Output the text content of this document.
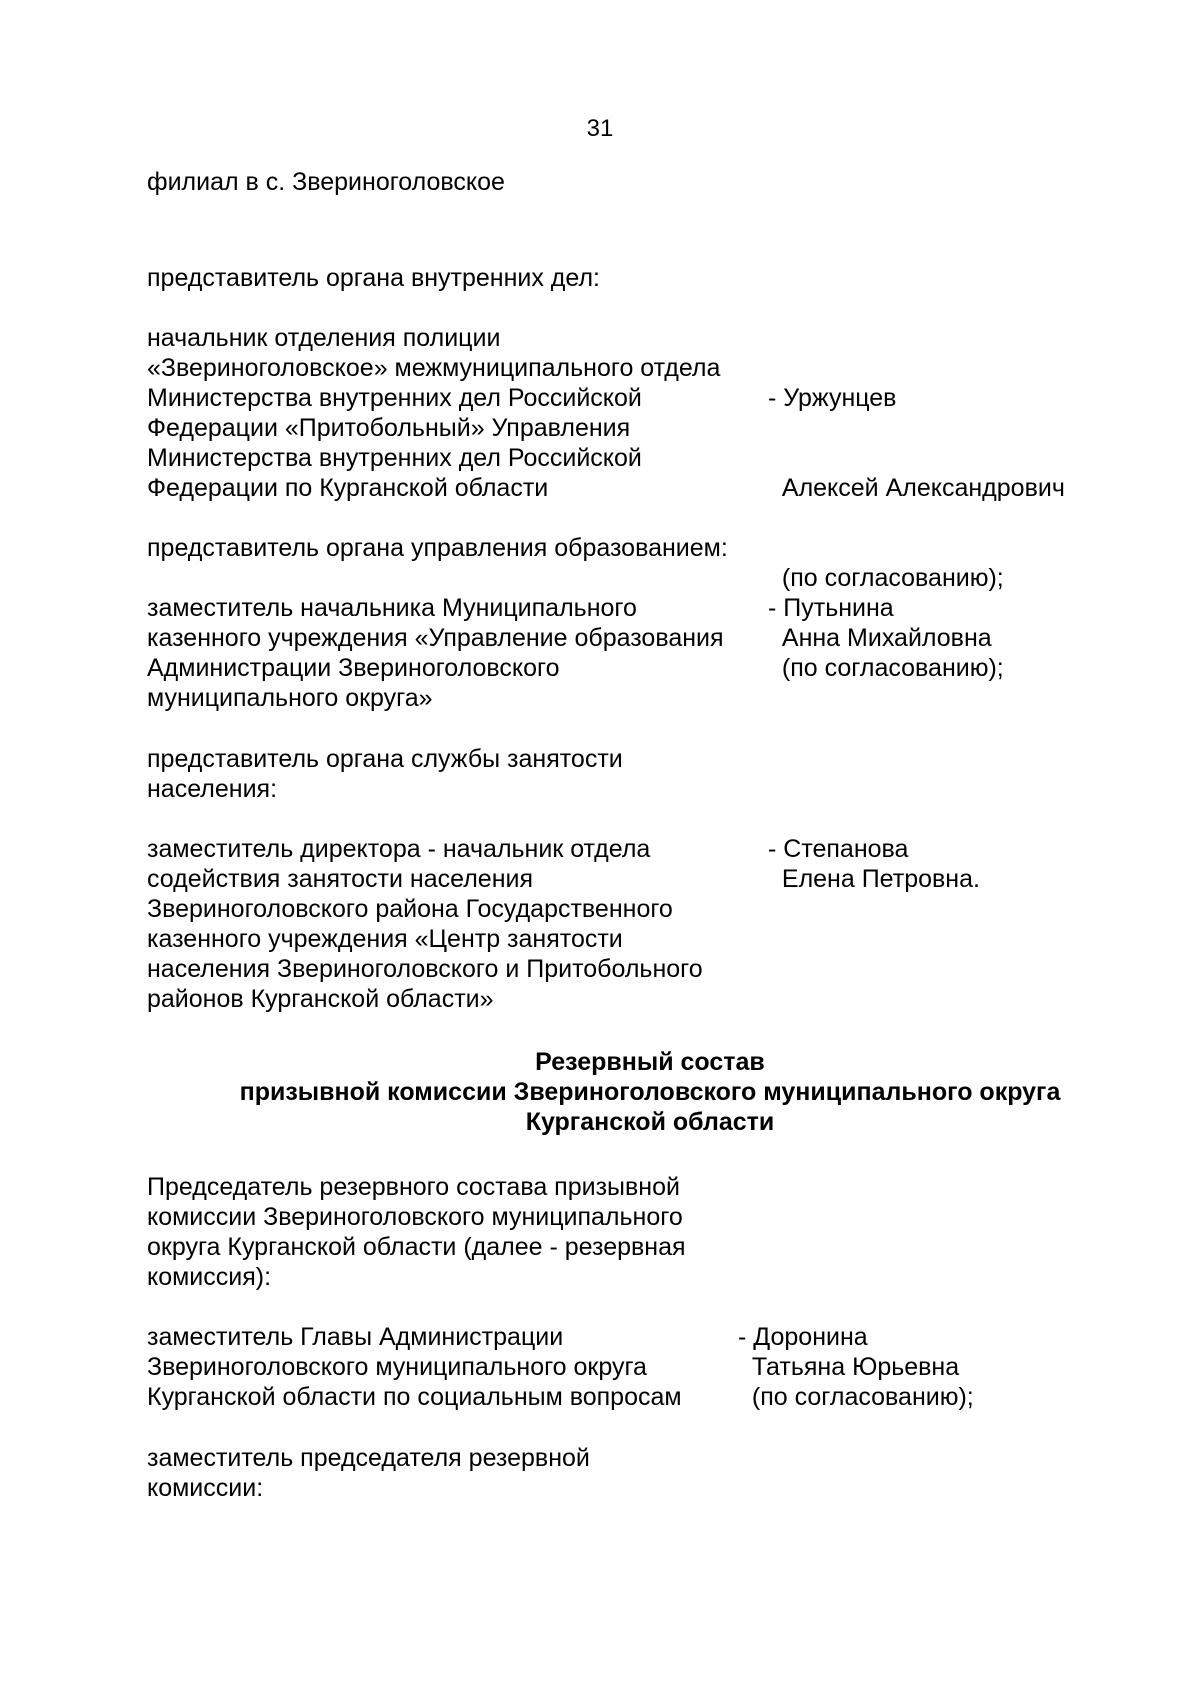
31
филиал в с. Звериноголовское
представитель органа внутренних дел:
начальник отделения полиции
«Звериноголовское» межмуниципального отдела
Министерства внутренних дел Российской
Федерации «Притобольный» Управления
Министерства внутренних дел Российской
Федерации по Курганской области

- Уржунцев

Алексей Александрович

(по согласованию);

представитель органа управления образованием:
заместитель начальника Муниципального
казенного учреждения «Управление образования
Администрации Звериноголовского
муниципального округа»
- Путьнина
Анна Михайловна
(по согласованию);
представитель органа службы занятости
населения:
заместитель директора - начальник отдела
содействия занятости населения
Звериноголовского района Государственного
казенного учреждения «Центр занятости
населения Звериноголовского и Притобольного
районов Курганской области»
- Степанова
Елена Петровна.
Резервный состав
призывной комиссии Звериноголовского муниципального округа
Курганской области
Председатель резервного состава призывной
комиссии Звериноголовского муниципального
округа Курганской области (далее - резервная
комиссия):
заместитель Главы Администрации
Звериноголовского муниципального округа
Курганской области по социальным вопросам
- Доронина
Татьяна Юрьевна
(по согласованию);
заместитель председателя резервной
комиссии:
